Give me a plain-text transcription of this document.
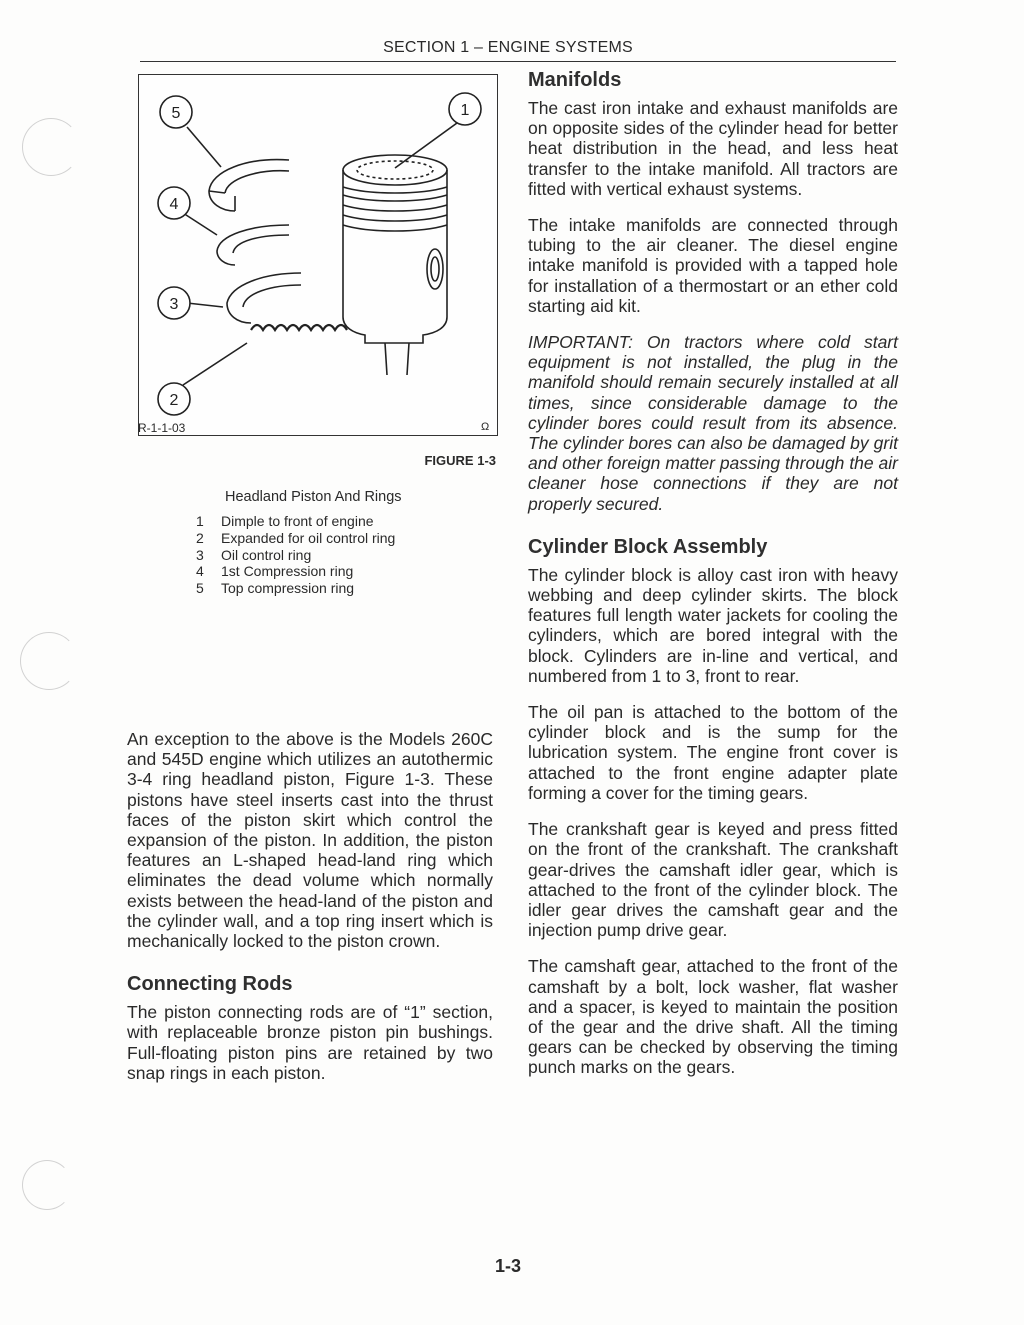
SECTION 1 – ENGINE SYSTEMS
5	1
4
3
2
R-1-1-03	Ω
FIGURE 1-3
Headland Piston And Rings
1	Dimple to front of engine
2	Expanded for oil control ring
3	Oil control ring
4	1st Compression ring
5	Top compression ring

An exception to the above is the Models 260C and 545D engine which utilizes an autothermic 3-4 ring headland piston, Figure 1-3. These pistons have steel inserts cast into the thrust faces of the piston skirt which control the expansion of the piston. In addition, the piston features an L-shaped head-land ring which eliminates the dead volume which normally exists between the head-land of the piston and the cylinder wall, and a top ring insert which is mechanically locked to the piston crown.

Connecting Rods

The piston connecting rods are of “1” section, with replaceable bronze piston pin bushings. Full-floating piston pins are retained by two snap rings in each piston.

Manifolds

The cast iron intake and exhaust manifolds are on opposite sides of the cylinder head for better heat distribution in the head, and less heat transfer to the intake manifold. All tractors are fitted with vertical exhaust systems.

The intake manifolds are connected through tubing to the air cleaner. The diesel engine intake manifold is provided with a tapped hole for installation of a thermostart or an ether cold starting aid kit.

IMPORTANT: On tractors where cold start equipment is not installed, the plug in the manifold should remain securely installed at all times, since considerable damage to the cylinder bores could result from its absence. The cylinder bores can also be damaged by grit and other foreign matter passing through the air cleaner hose connections if they are not properly secured.

Cylinder Block Assembly

The cylinder block is alloy cast iron with heavy webbing and deep cylinder skirts. The block features full length water jackets for cooling the cylinders, which are bored integral with the block. Cylinders are in-line and vertical, and numbered from 1 to 3, front to rear.

The oil pan is attached to the bottom of the cylinder block and is the sump for the lubrication system. The engine front cover is attached to the front engine adapter plate forming a cover for the timing gears.

The crankshaft gear is keyed and press fitted on the front of the crankshaft. The crankshaft gear-drives the camshaft idler gear, which is attached to the front of the cylinder block. The idler gear drives the camshaft gear and the injection pump drive gear.

The camshaft gear, attached to the front of the camshaft by a bolt, lock washer, flat washer and a spacer, is keyed to maintain the position of the gear and the drive shaft. All the timing gears can be checked by observing the timing punch marks on the gears.

1-3
